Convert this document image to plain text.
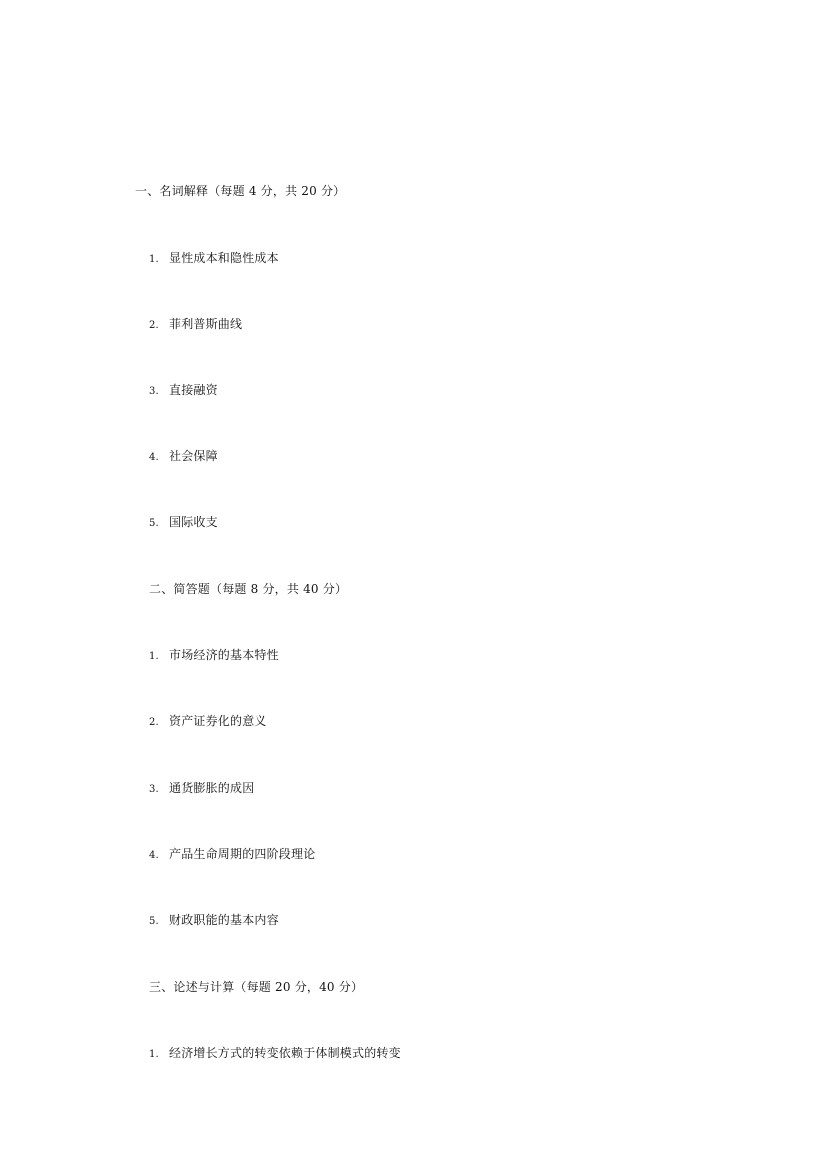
一、名词解释（每题 4 分，共 20 分）
1. 显性成本和隐性成本
2. 菲利普斯曲线
3. 直接融资
4. 社会保障
5. 国际收支
二、简答题（每题 8 分，共 40 分）
1. 市场经济的基本特性
2. 资产证券化的意义
3. 通货膨胀的成因
4. 产品生命周期的四阶段理论
5. 财政职能的基本内容
三、论述与计算（每题 20 分，40 分）
1. 经济增长方式的转变依赖于体制模式的转变
